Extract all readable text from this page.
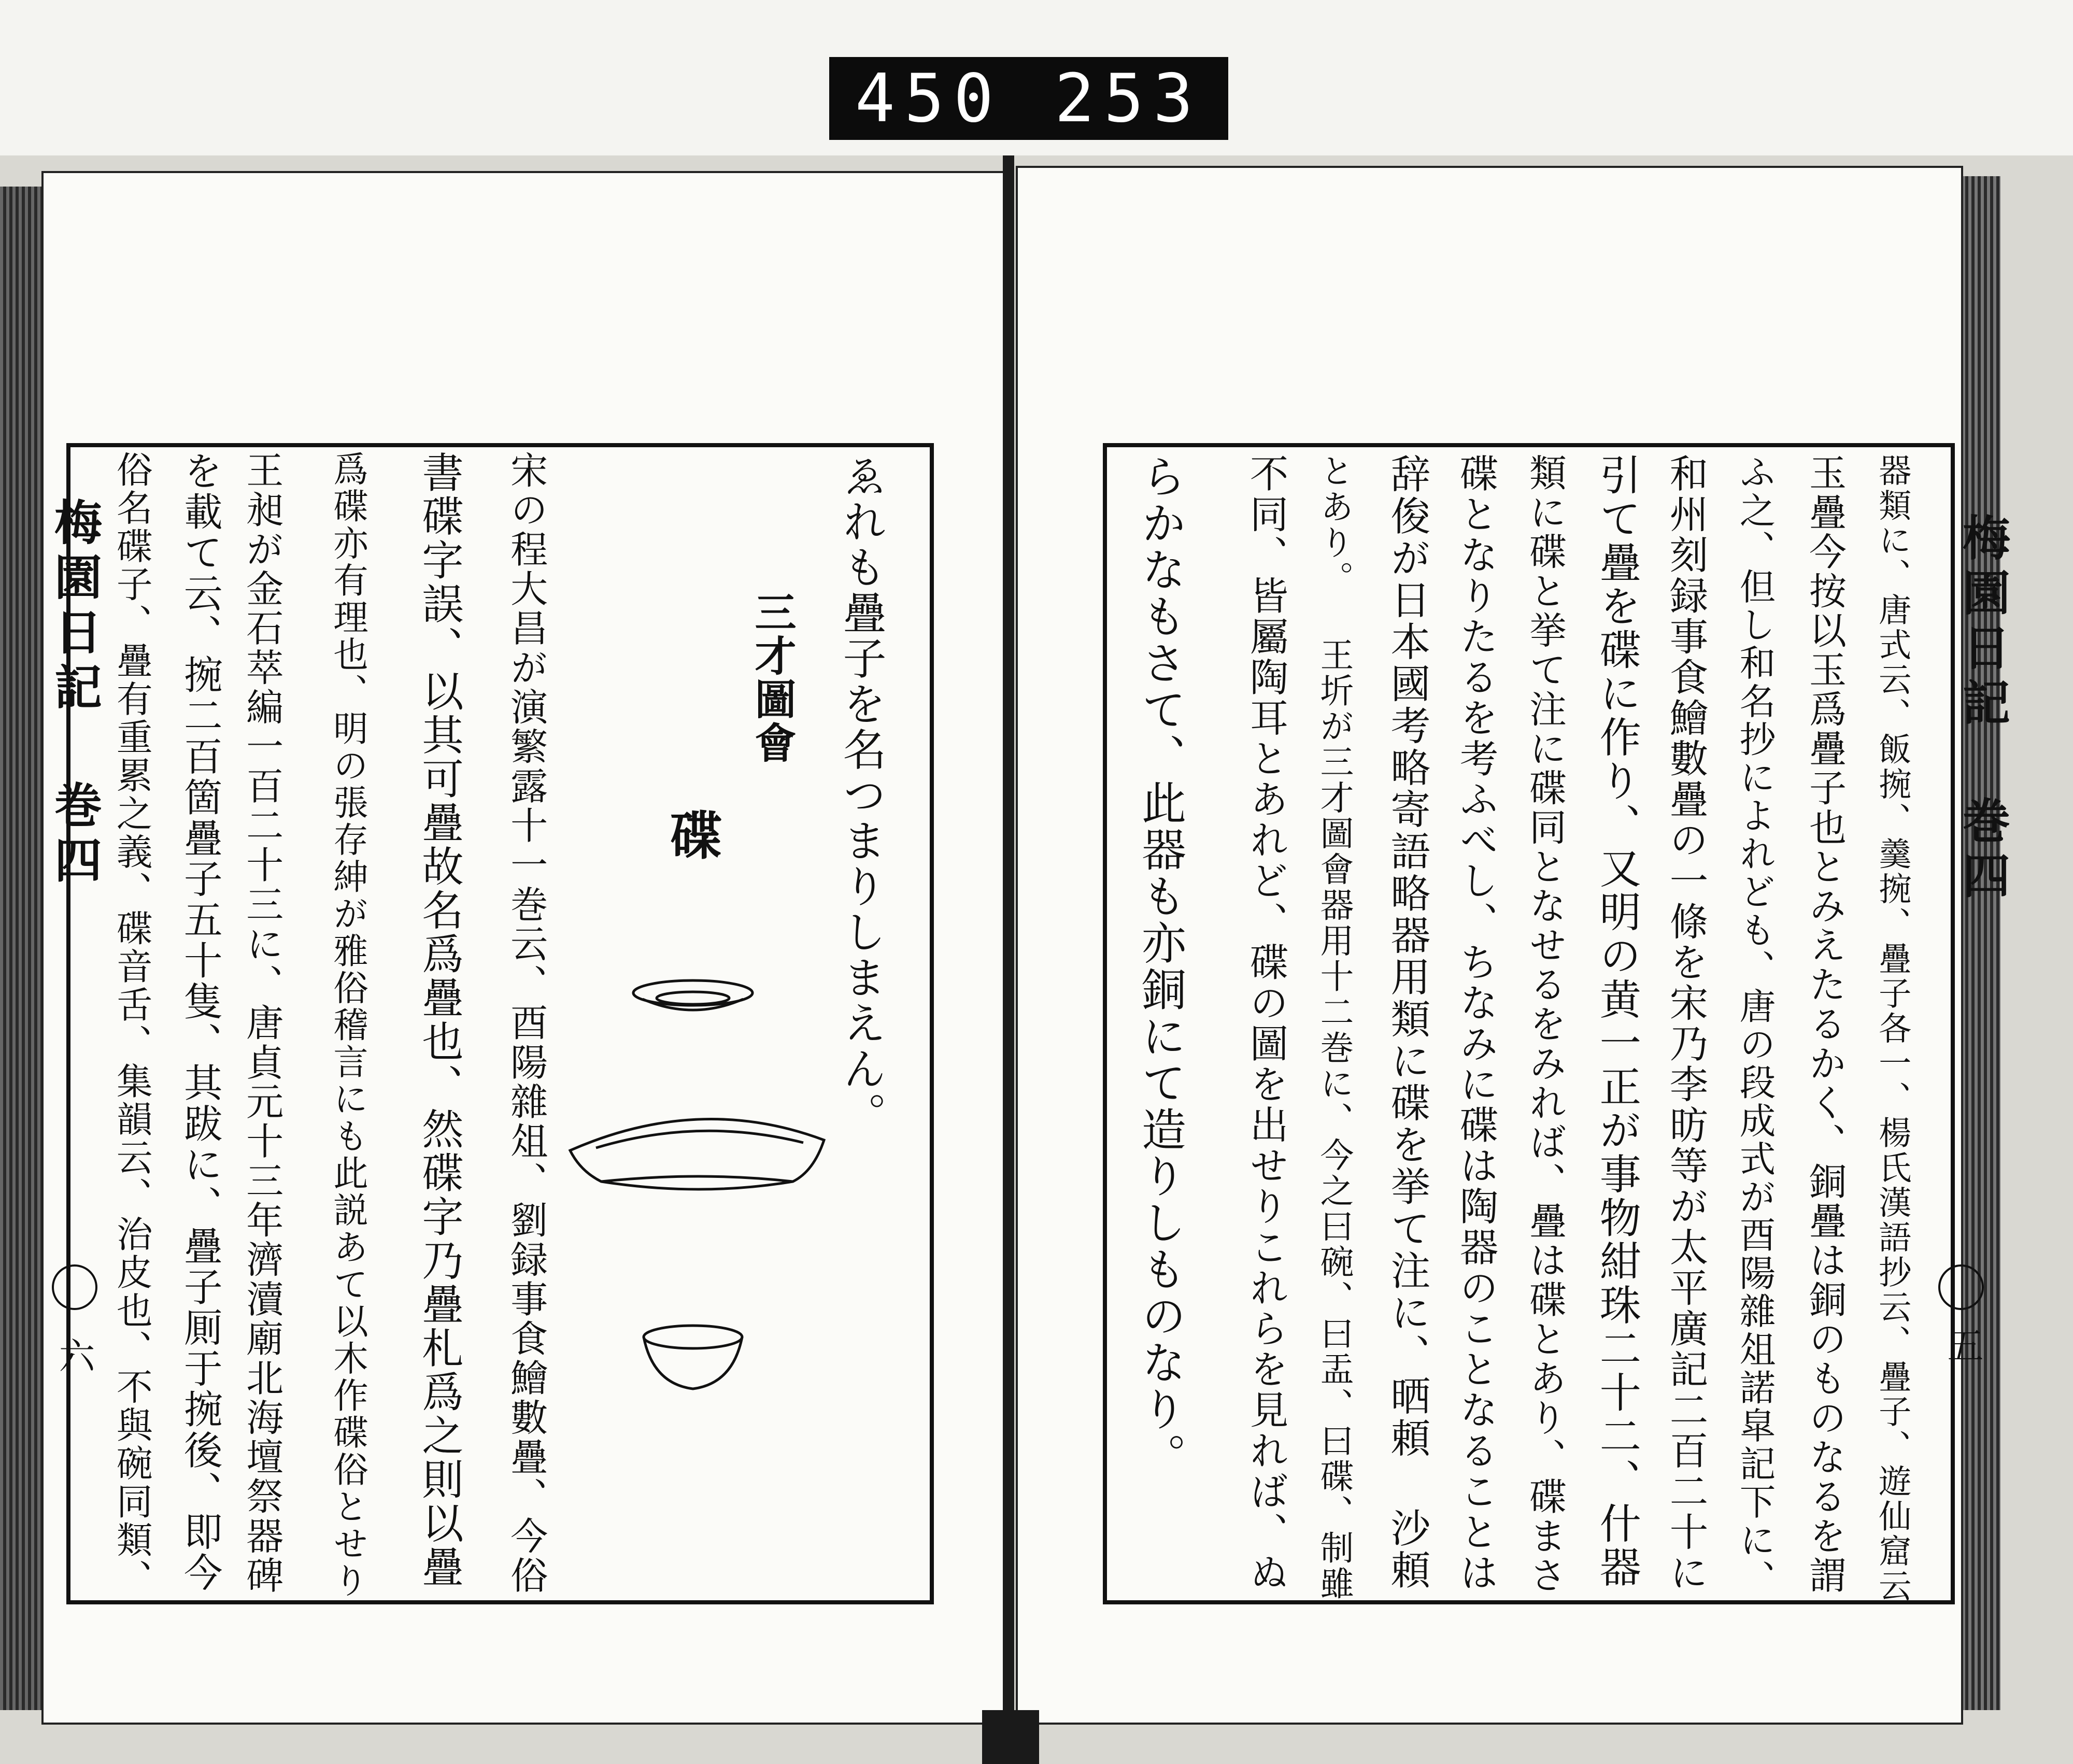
450 253
梅園日記 巻四
六
ゑれも疊子を名つまりしまえん。
三才圖會
碟
宋の程大昌が演繁露十一巻云、酉陽雜俎、劉録事食鱠數疊、今俗
書碟字誤、以其可疊故名爲疊也、然碟字乃疊札爲之則以疊
爲碟亦有理也、明の張存紳が雅俗稽言にも此説あて以木作碟俗とせり
王昶が金石萃編一百二十三に、唐貞元十三年濟瀆廟北海壇祭器碑
を載て云、捥二百箇疊子五十隻、其跋に、疊子厠于捥後、即今
俗名碟子、疊有重累之義、碟音舌、集韻云、治皮也、不與碗同類、	梅園日記 巻四
五
器類に、唐式云、飯捥、羹捥、疊子各一、楊氏漢語抄云、疊子、遊仙窟云
玉疊今按以玉爲疊子也とみえたるかく、銅疊は銅のものなるを謂
ふ之、但し和名抄によれども、唐の段成式が酉陽雜俎諾皐記下に、
和州刻録事食鱠數疊の一條を宋乃李昉等が太平廣記二百二十に
引て疊を碟に作り、又明の黄一正が事物紺珠二十二、什器
類に碟と挙て注に碟同となせるをみれば、疊は碟とあり、碟まさ
碟となりたるを考ふべし、ちなみに碟は陶器のことなることは
辞俊が日本國考略寄語略器用類に碟を挙て注に、晒頼 沙頼
とあり。 王圻が三才圖會器用十二巻に、今之曰碗、曰盂、曰碟、制雖
不同、皆屬陶耳とあれど、碟の圖を出せりこれらを見れば、ぬ
らかなもさて、此器も亦銅にて造りしものなり。
